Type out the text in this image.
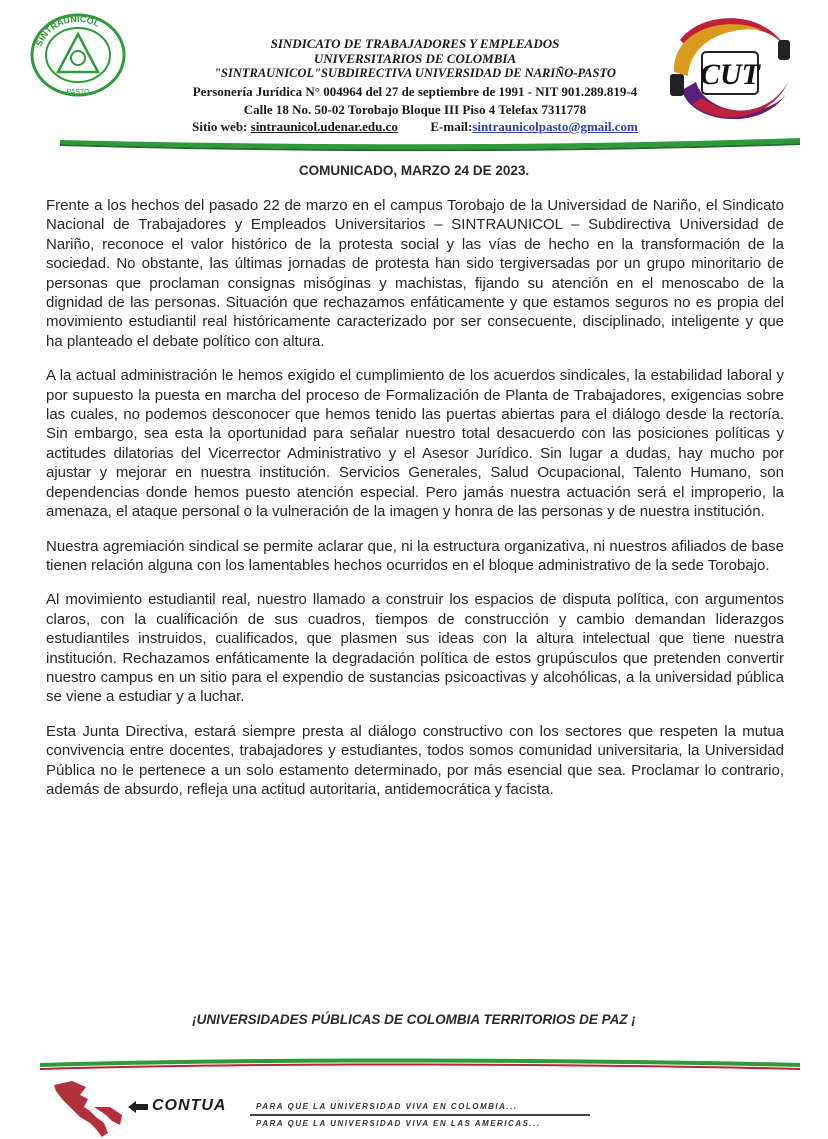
SINTRAUNICOL
PASTO
SINDICATO DE TRABAJADORES Y EMPLEADOS
UNIVERSITARIOS DE COLOMBIA
"SINTRAUNICOL"SUBDIRECTIVA UNIVERSIDAD DE NARIÑO-PASTO
Personería Jurídica N° 004964 del 27 de septiembre de 1991 - NIT 901.289.819-4
Calle 18 No. 50-02 Torobajo Bloque III Piso 4 Telefax 7311778
Sitio web: sintraunicol.udenar.edu.co	E-mail:sintraunicolpasto@gmail.com
CUT
COMUNICADO, MARZO 24 DE 2023.

Frente a los hechos del pasado 22 de marzo en el campus Torobajo de la Universidad de Nariño, el Sindicato Nacional de Trabajadores y Empleados Universitarios – SINTRAUNICOL – Subdirectiva Universidad de Nariño, reconoce el valor histórico de la protesta social y las vías de hecho en la transformación de la sociedad. No obstante, las últimas jornadas de protesta han sido tergiversadas por un grupo minoritario de personas que proclaman consignas misóginas y machistas, fijando su atención en el menoscabo de la dignidad de las personas. Situación que rechazamos enfáticamente y que estamos seguros no es propia del movimiento estudiantil real históricamente caracterizado por ser consecuente, disciplinado, inteligente y que ha planteado el debate político con altura.

A la actual administración le hemos exigido el cumplimiento de los acuerdos sindicales, la estabilidad laboral y por supuesto la puesta en marcha del proceso de Formalización de Planta de Trabajadores, exigencias sobre las cuales, no podemos desconocer que hemos tenido las puertas abiertas para el diálogo desde la rectoría. Sin embargo, sea esta la oportunidad para señalar nuestro total desacuerdo con las posiciones políticas y actitudes dilatorias del Vicerrector Administrativo y el Asesor Jurídico. Sin lugar a dudas, hay mucho por ajustar y mejorar en nuestra institución. Servicios Generales, Salud Ocupacional, Talento Humano, son dependencias donde hemos puesto atención especial. Pero jamás nuestra actuación será el improperio, la amenaza, el ataque personal o la vulneración de la imagen y honra de las personas y de nuestra institución.

Nuestra agremiación sindical se permite aclarar que, ni la estructura organizativa, ni nuestros afiliados de base tienen relación alguna con los lamentables hechos ocurridos en el bloque administrativo de la sede Torobajo.

Al movimiento estudiantil real, nuestro llamado a construir los espacios de disputa política, con argumentos claros, con la cualificación de sus cuadros, tiempos de construcción y cambio demandan liderazgos estudiantiles instruidos, cualificados, que plasmen sus ideas con la altura intelectual que tiene nuestra institución. Rechazamos enfáticamente la degradación política de estos grupúsculos que pretenden convertir nuestro campus en un sitio para el expendio de sustancias psicoactivas y alcohólicas, a la universidad pública se viene a estudiar y a luchar.

Esta Junta Directiva, estará siempre presta al diálogo constructivo con los sectores que respeten la mutua convivencia entre docentes, trabajadores y estudiantes, todos somos comunidad universitaria, la Universidad Pública no le pertenece a un solo estamento determinado, por más esencial que sea. Proclamar lo contrario, además de absurdo, refleja una actitud autoritaria, antidemocrática y facista.

¡UNIVERSIDADES PÚBLICAS DE COLOMBIA TERRITORIOS DE PAZ ¡
CONTUA	PARA QUE LA UNIVERSIDAD VIVA EN COLOMBIA...
PARA QUE LA UNIVERSIDAD VIVA EN LAS AMERICAS...
